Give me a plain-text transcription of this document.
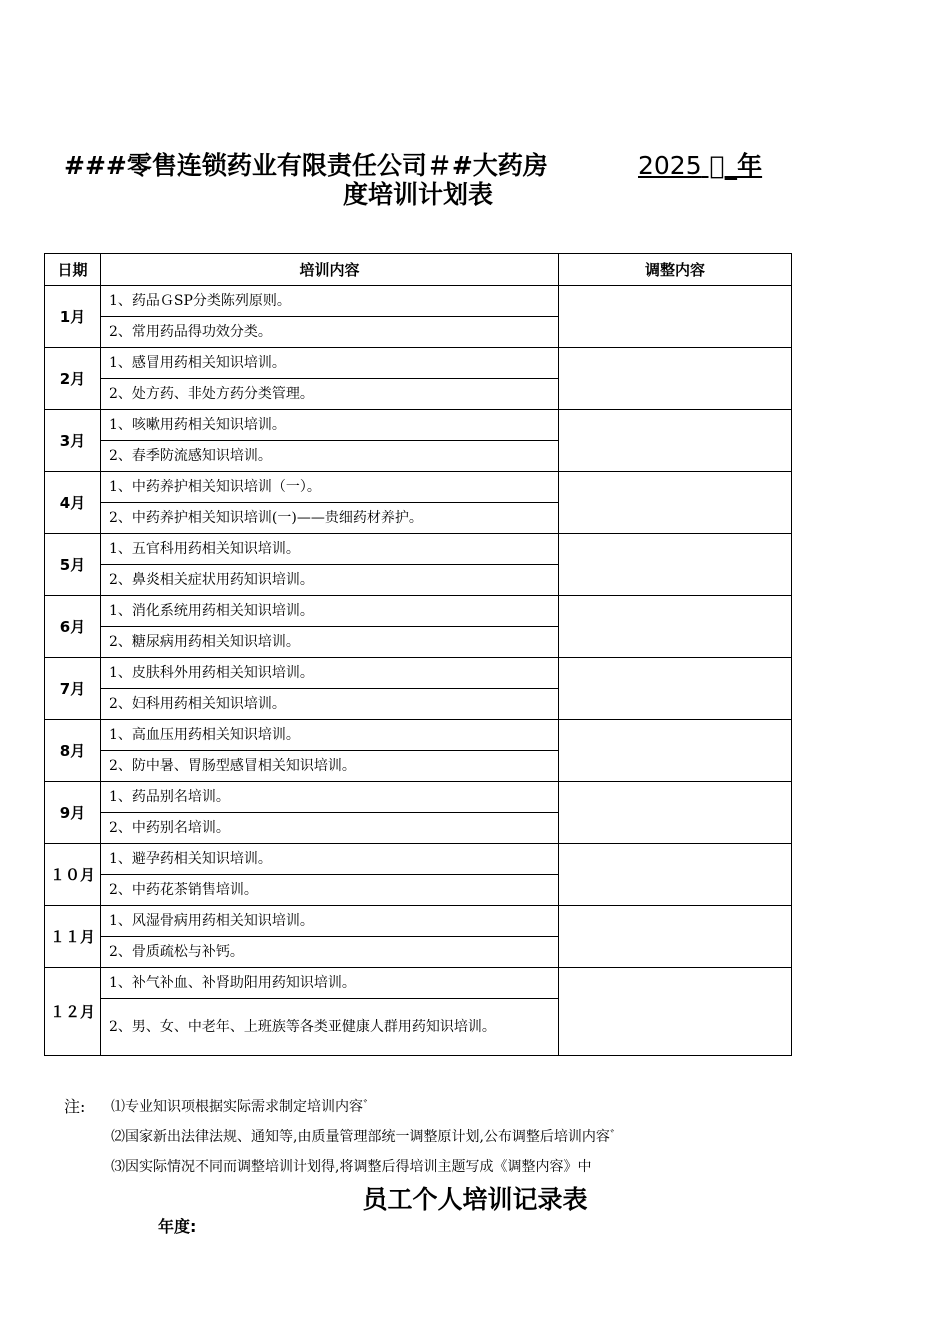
###零售连锁药业有限责任公司＃#大药房	2025 _年
度培训计划表
日期	培训内容	调整内容
1月	1、药品ＧSP分类陈列原则。	
	2、常用药品得功效分类。	
2月	1、感冒用药相关知识培训。	
	2、处方药、非处方药分类管理。	
3月	1、咳嗽用药相关知识培训。	
	2、春季防流感知识培训。	
4月	1、中药养护相关知识培训（一）。	
	2、中药养护相关知识培训(一)——贵细药材养护。	
5月	1、五官科用药相关知识培训。	
	2、鼻炎相关症状用药知识培训。	
6月	1、消化系统用药相关知识培训。	
	2、糖尿病用药相关知识培训。	
7月	1、皮肤科外用药相关知识培训。	
	2、妇科用药相关知识培训。	
8月	1、高血压用药相关知识培训。	
	2、防中暑、胃肠型感冒相关知识培训。	
9月	1、药品别名培训。	
	2、中药别名培训。	
１０月	1、避孕药相关知识培训。	
	2、中药花茶销售培训。	
１１月	1、风湿骨病用药相关知识培训。	
	2、骨质疏松与补钙。	
１２月	1、补气补血、补肾助阳用药知识培训。	
	2、男、女、中老年、上班族等各类亚健康人群用药知识培训。	
注: ⑴专业知识项根据实际需求制定培训内容ﾞ
⑵国家新出法律法规、通知等,由质量管理部统一调整原计划,公布调整后培训内容ﾞ
⑶因实际情况不同而调整培训计划得,将调整后得培训主题写成《调整内容》中
员工个人培训记录表
年度:
